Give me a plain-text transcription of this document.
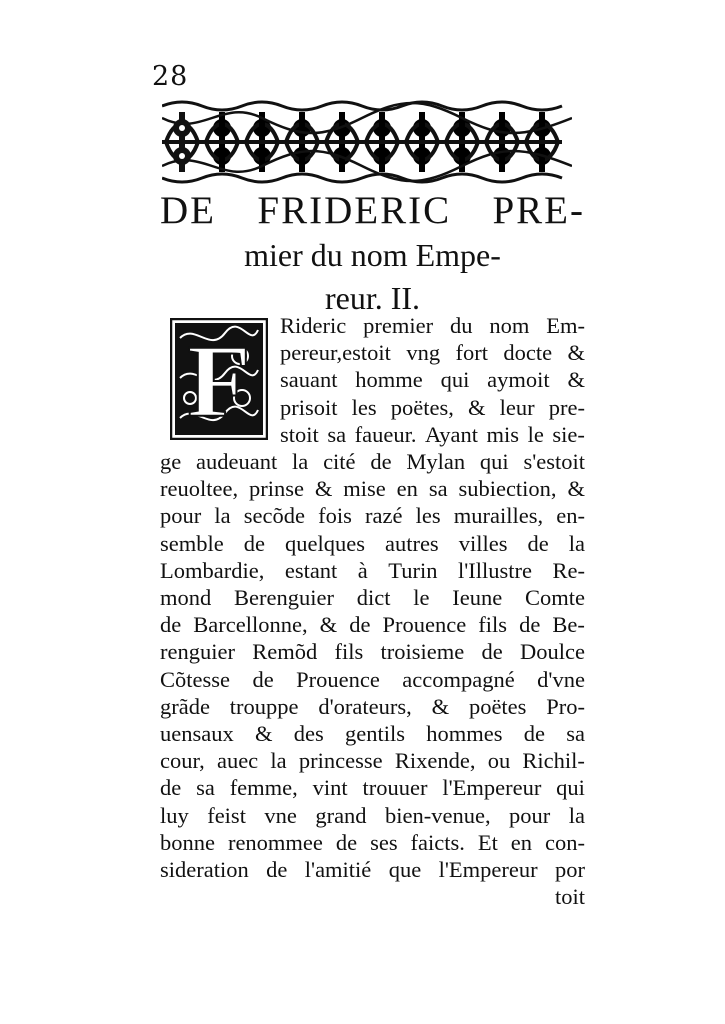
28
DE FRIDERIC PRE-
mier du nom Empe-
reur. II.
F Rideric premier du nom Em-
pereur,estoit vng fort docte &
sauant homme qui aymoit &
prisoit les poëtes, & leur pre-
stoit sa faueur. Ayant mis le sie-
ge audeuant la cité de Mylan qui s'estoit
reuoltee, prinse & mise en sa subiection, &
pour la secõde fois razé les murailles, en-
semble de quelques autres villes de la
Lombardie, estant à Turin l'Illustre Re-
mond Berenguier dict le Ieune Comte
de Barcellonne, & de Prouence fils de Be-
renguier Remõd fils troisieme de Doulce
Cõtesse de Prouence accompagné d'vne
grãde trouppe d'orateurs, & poëtes Pro-
uensaux & des gentils hommes de sa
cour, auec la princesse Rixende, ou Richil-
de sa femme, vint trouuer l'Empereur qui
luy feist vne grand bien-venue, pour la
bonne renommee de ses faicts. Et en con-
sideration de l'amitié que l'Empereur por
toit
